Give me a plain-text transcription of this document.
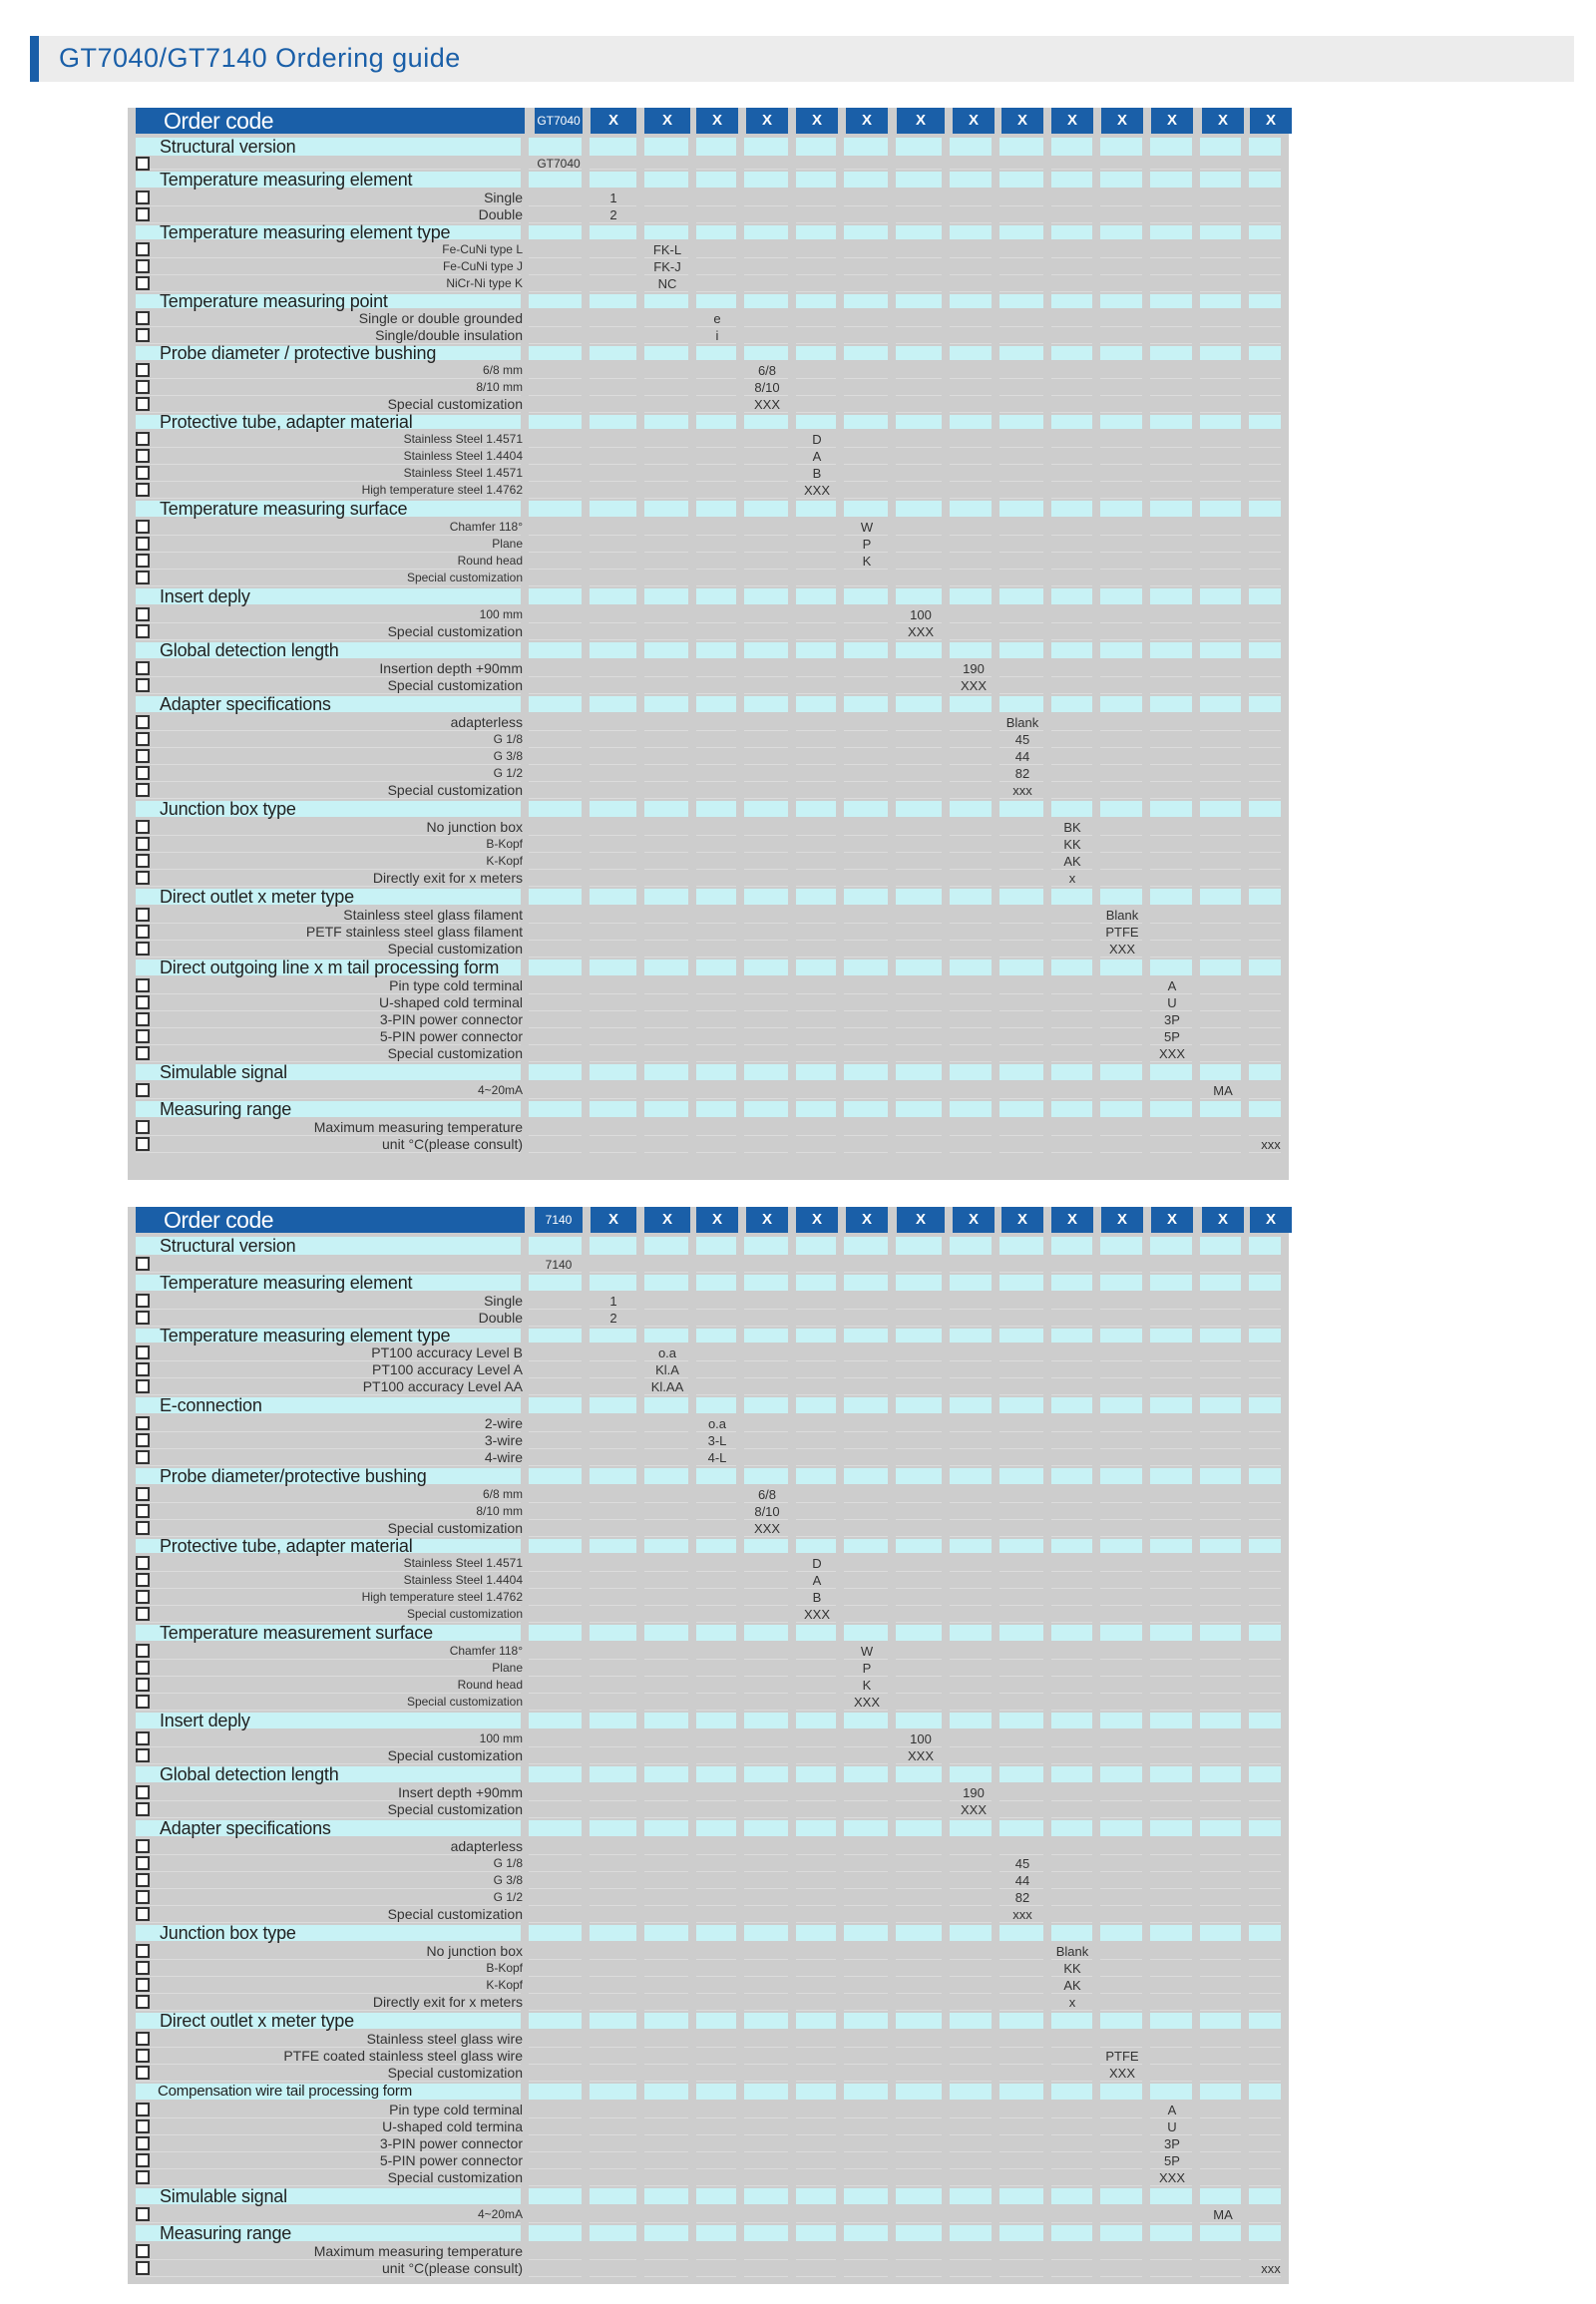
GT7040/GT7140 Ordering guide
Order code	GT7040	X	X	X	X	X	X	X	X	X	X	X	X	X	X
Structural version
GT7040
Temperature measuring element
Single	1
Double	2
Temperature measuring element type
Fe-CuNi type L	FK-L
Fe-CuNi type J	FK-J
NiCr-Ni type K	NC
Temperature measuring point
Single or double grounded	e
Single/double insulation	i
Probe diameter / protective bushing
6/8 mm	6/8
8/10 mm	8/10
Special customization	XXX
Protective tube, adapter material
Stainless Steel 1.4571	D
Stainless Steel 1.4404	A
Stainless Steel 1.4571	B
High temperature steel 1.4762	XXX
Temperature measuring surface
Chamfer 118°	W
Plane	P
Round head	K
Special customization
Insert deply
100 mm	100
Special customization	XXX
Global detection length
Insertion depth +90mm	190
Special customization	XXX
Adapter specifications
adapterless	Blank
G 1/8	45
G 3/8	44
G 1/2	82
Special customization	xxx
Junction box type
No junction box	BK
B-Kopf	KK
K-Kopf	AK
Directly exit for x meters	x
Direct outlet x meter type
Stainless steel glass filament	Blank
PETF stainless steel glass filament	PTFE
Special customization	XXX
Direct outgoing line x m tail processing form
Pin type cold terminal	A
U-shaped cold terminal	U
3-PIN power connector	3P
5-PIN power connector	5P
Special customization	XXX
Simulable signal
4~20mA	MA
Measuring range
Maximum measuring temperature
unit °C(please consult)	xxx
Order code	7140	X	X	X	X	X	X	X	X	X	X	X	X	X	X
Structural version
7140
Temperature measuring element
Single	1
Double	2
Temperature measuring element type
PT100 accuracy Level B	o.a
PT100 accuracy Level A	Kl.A
PT100 accuracy Level AA	Kl.AA
E-connection
2-wire	o.a
3-wire	3-L
4-wire	4-L
Probe diameter/protective bushing
6/8 mm	6/8
8/10 mm	8/10
Special customization	XXX
Protective tube, adapter material
Stainless Steel 1.4571	D
Stainless Steel 1.4404	A
High temperature steel 1.4762	B
Special customization	XXX
Temperature measurement surface
Chamfer 118°	W
Plane	P
Round head	K
Special customization	XXX
Insert deply
100 mm	100
Special customization	XXX
Global detection length
Insert depth +90mm	190
Special customization	XXX
Adapter specifications
adapterless
G 1/8	45
G 3/8	44
G 1/2	82
Special customization	xxx
Junction box type
No junction box	Blank
B-Kopf	KK
K-Kopf	AK
Directly exit for x meters	x
Direct outlet x meter type
Stainless steel glass wire
PTFE coated stainless steel glass wire	PTFE
Special customization	XXX
Compensation wire tail processing form
Pin type cold terminal	A
U-shaped cold termina	U
3-PIN power connector	3P
5-PIN power connector	5P
Special customization	XXX
Simulable signal
4~20mA	MA
Measuring range
Maximum measuring temperature
unit °C(please consult)	xxx
